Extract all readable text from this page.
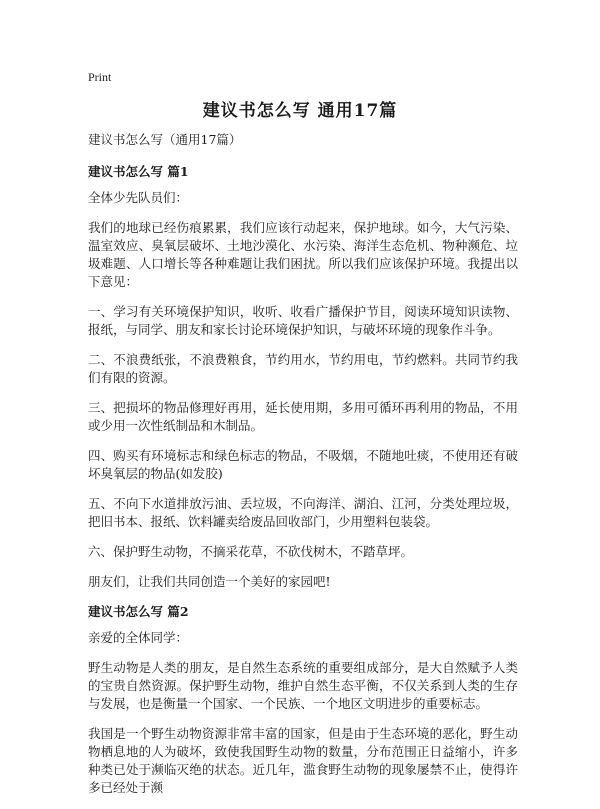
Print
建议书怎么写 通用17篇
建议书怎么写（通用17篇）
建议书怎么写 篇1

全体少先队员们：

我们的地球已经伤痕累累，我们应该行动起来，保护地球。如今，大气污染、温室效应、臭氧层破坏、土地沙漠化、水污染、海洋生态危机、物种濒危、垃圾难题、人口增长等各种难题让我们困扰。所以我们应该保护环境。我提出以下意见：

一、学习有关环境保护知识，收听、收看广播保护节目，阅读环境知识读物、报纸，与同学、朋友和家长讨论环境保护知识，与破坏环境的现象作斗争。

二、不浪费纸张，不浪费粮食，节约用水，节约用电，节约燃料。共同节约我们有限的资源。

三、把损坏的物品修理好再用，延长使用期，多用可循环再利用的物品，不用或少用一次性纸制品和木制品。

四、购买有环境标志和绿色标志的物品，不吸烟，不随地吐痰，不使用还有破坏臭氧层的物品(如发胶)

五、不向下水道排放污油、丢垃圾，不向海洋、湖泊、江河，分类处理垃圾，把旧书本、报纸、饮料罐卖给废品回收部门，少用塑料包装袋。

六、保护野生动物，不摘采花草，不砍伐树木，不踏草坪。

朋友们，让我们共同创造一个美好的家园吧!

建议书怎么写 篇2

亲爱的全体同学：

野生动物是人类的朋友，是自然生态系统的重要组成部分，是大自然赋予人类的宝贵自然资源。保护野生动物，维护自然生态平衡，不仅关系到人类的生存与发展，也是衡量一个国家、一个民族、一个地区文明进步的重要标志。

我国是一个野生动物资源非常丰富的国家，但是由于生态环境的恶化，野生动物栖息地的人为破坏，致使我国野生动物的数量，分布范围正日益缩小，许多种类已处于濒临灭绝的状态。近几年，滥食野生动物的现象屡禁不止，使得许多已经处于濒
